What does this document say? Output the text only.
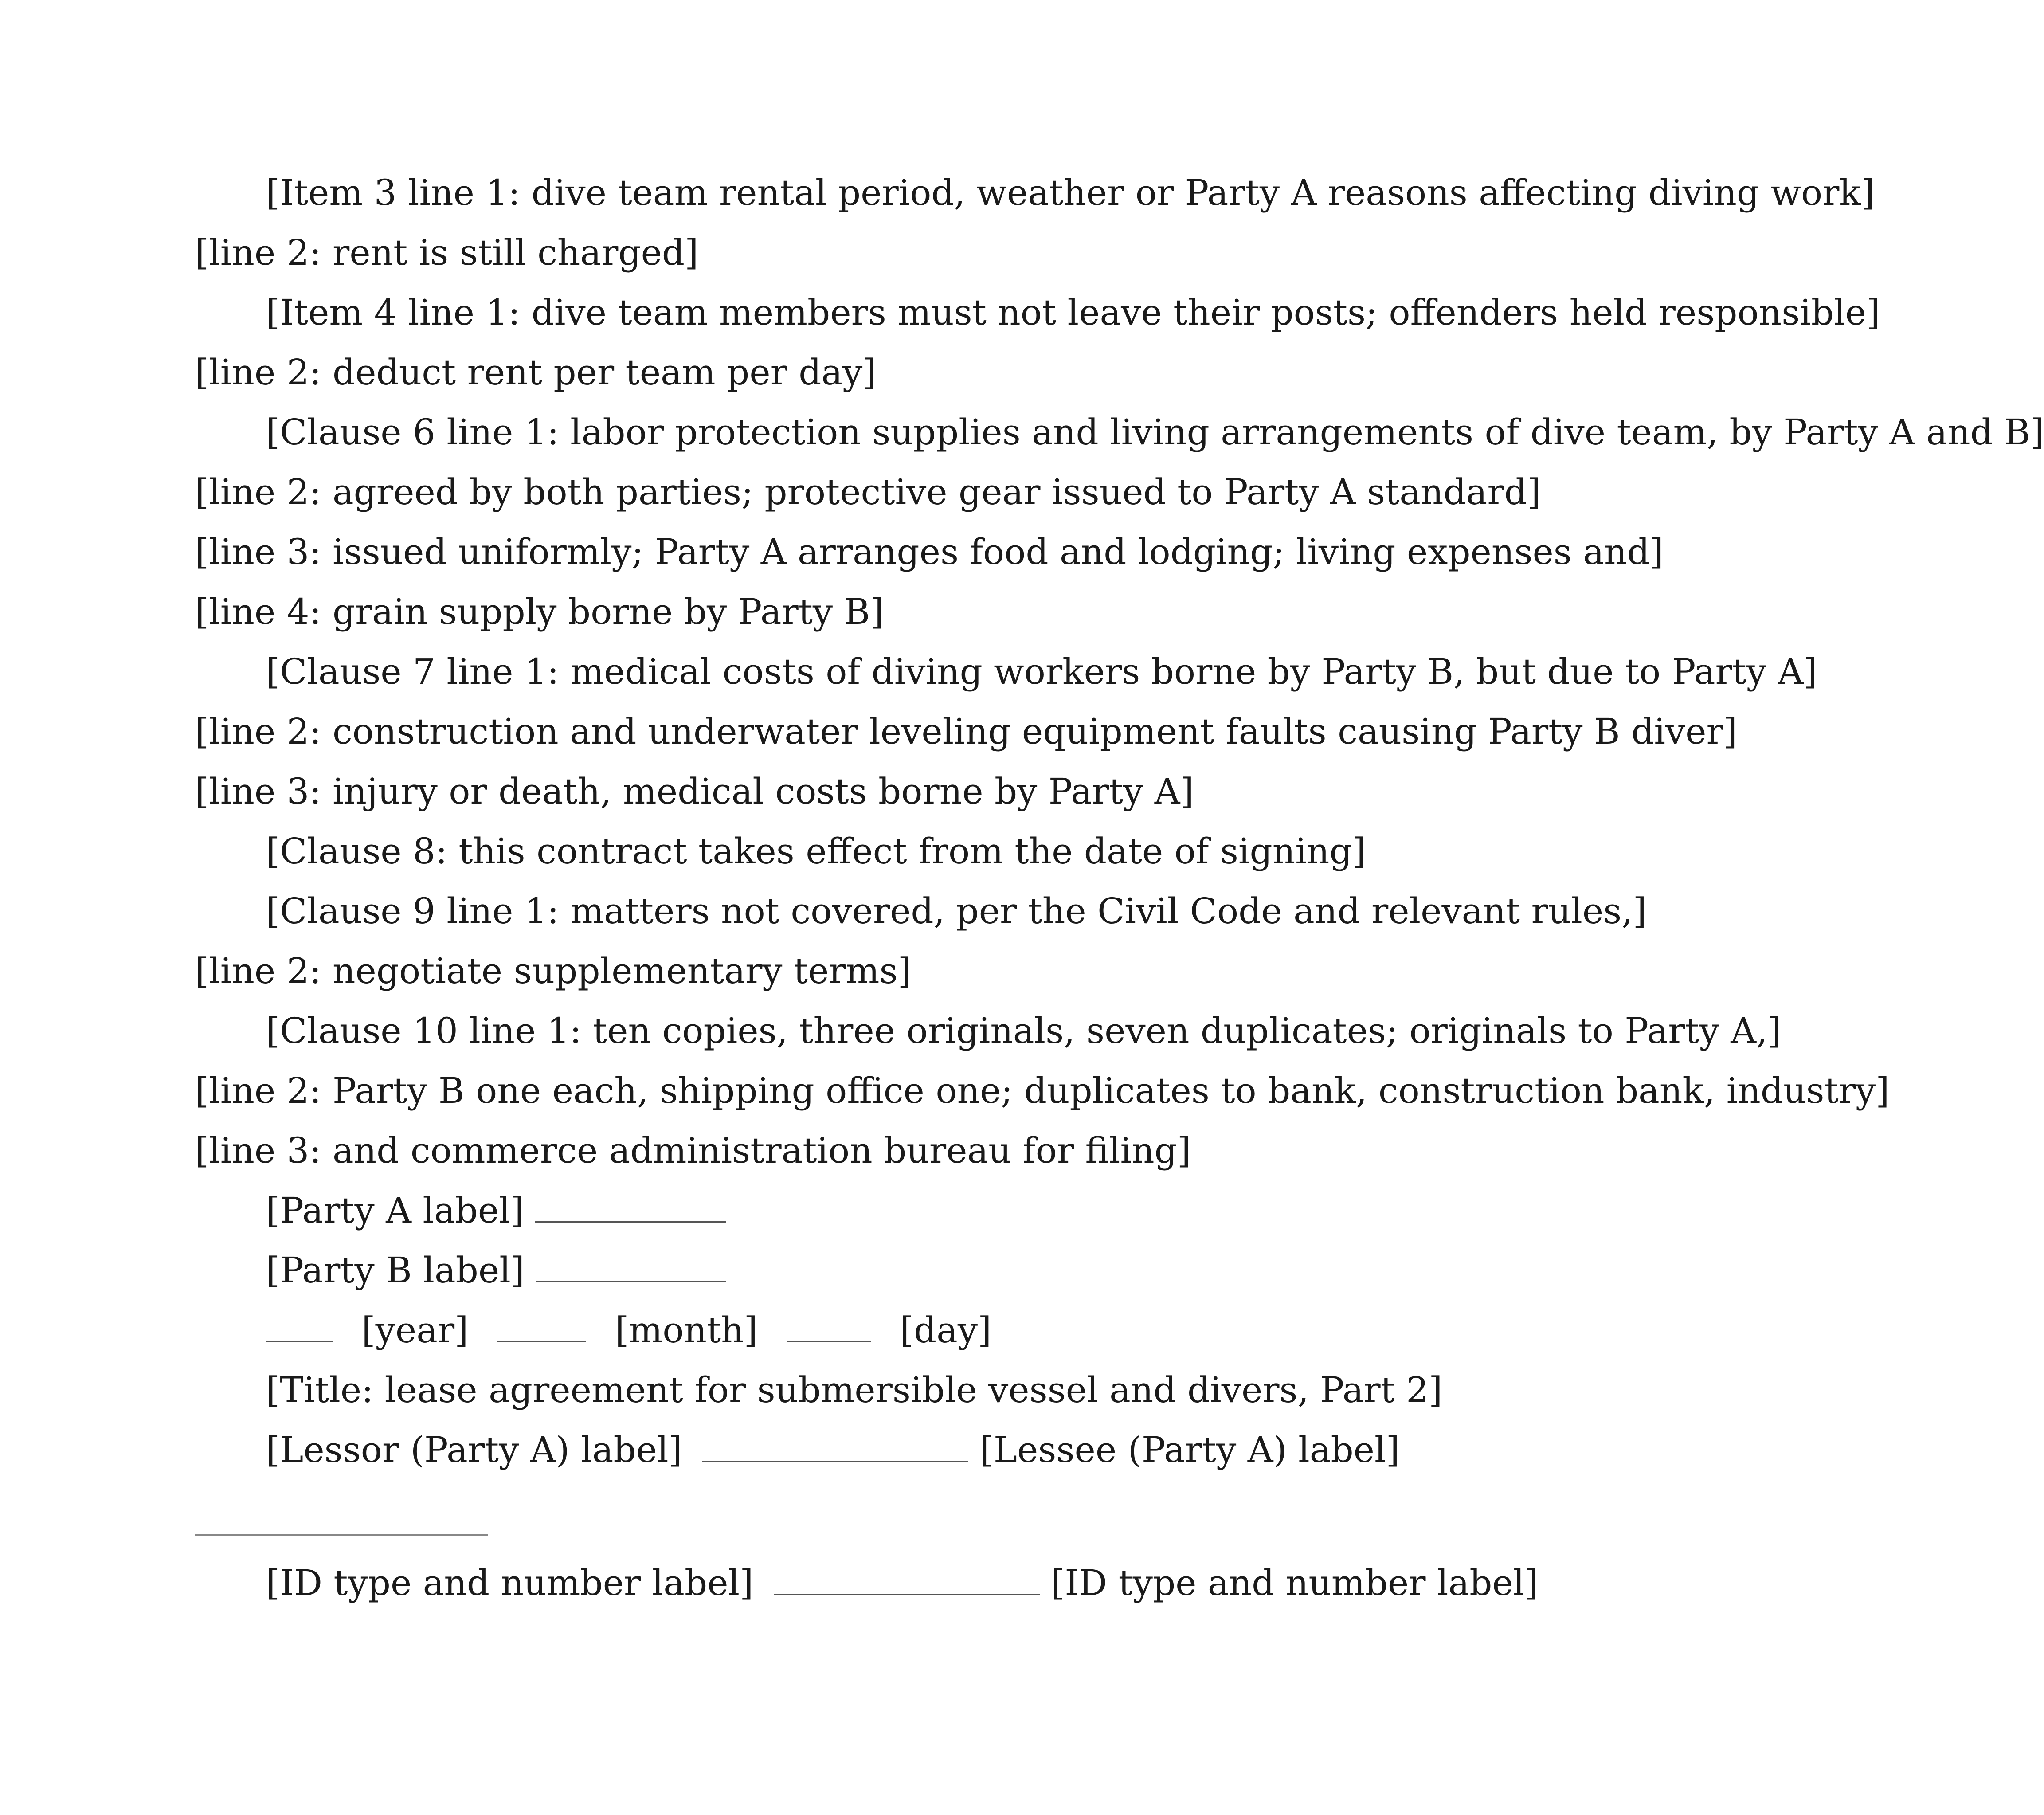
[Item 3 line 1: dive team rental period, weather or Party A reasons affecting diving work]
[line 2: rent is still charged]
[Item 4 line 1: dive team members must not leave their posts; offenders held responsible]
[line 2: deduct rent per team per day]
[Clause 6 line 1: labor protection supplies and living arrangements of dive team, by Party A and B]
[line 2: agreed by both parties; protective gear issued to Party A standard]
[line 3: issued uniformly; Party A arranges food and lodging; living expenses and]
[line 4: grain supply borne by Party B]
[Clause 7 line 1: medical costs of diving workers borne by Party B, but due to Party A]
[line 2: construction and underwater leveling equipment faults causing Party B diver]
[line 3: injury or death, medical costs borne by Party A]
[Clause 8: this contract takes effect from the date of signing]
[Clause 9 line 1: matters not covered, per the Civil Code and relevant rules,]
[line 2: negotiate supplementary terms]
[Clause 10 line 1: ten copies, three originals, seven duplicates; originals to Party A,]
[line 2: Party B one each, shipping office one; duplicates to bank, construction bank, industry]
[line 3: and commerce administration bureau for filing]
[Party A label]
[Party B label]
[year]	[month]	[day]
[Title: lease agreement for submersible vessel and divers, Part 2]
[Lessor (Party A) label]	[Lessee (Party A) label]
[ID type and number label]	[ID type and number label]
